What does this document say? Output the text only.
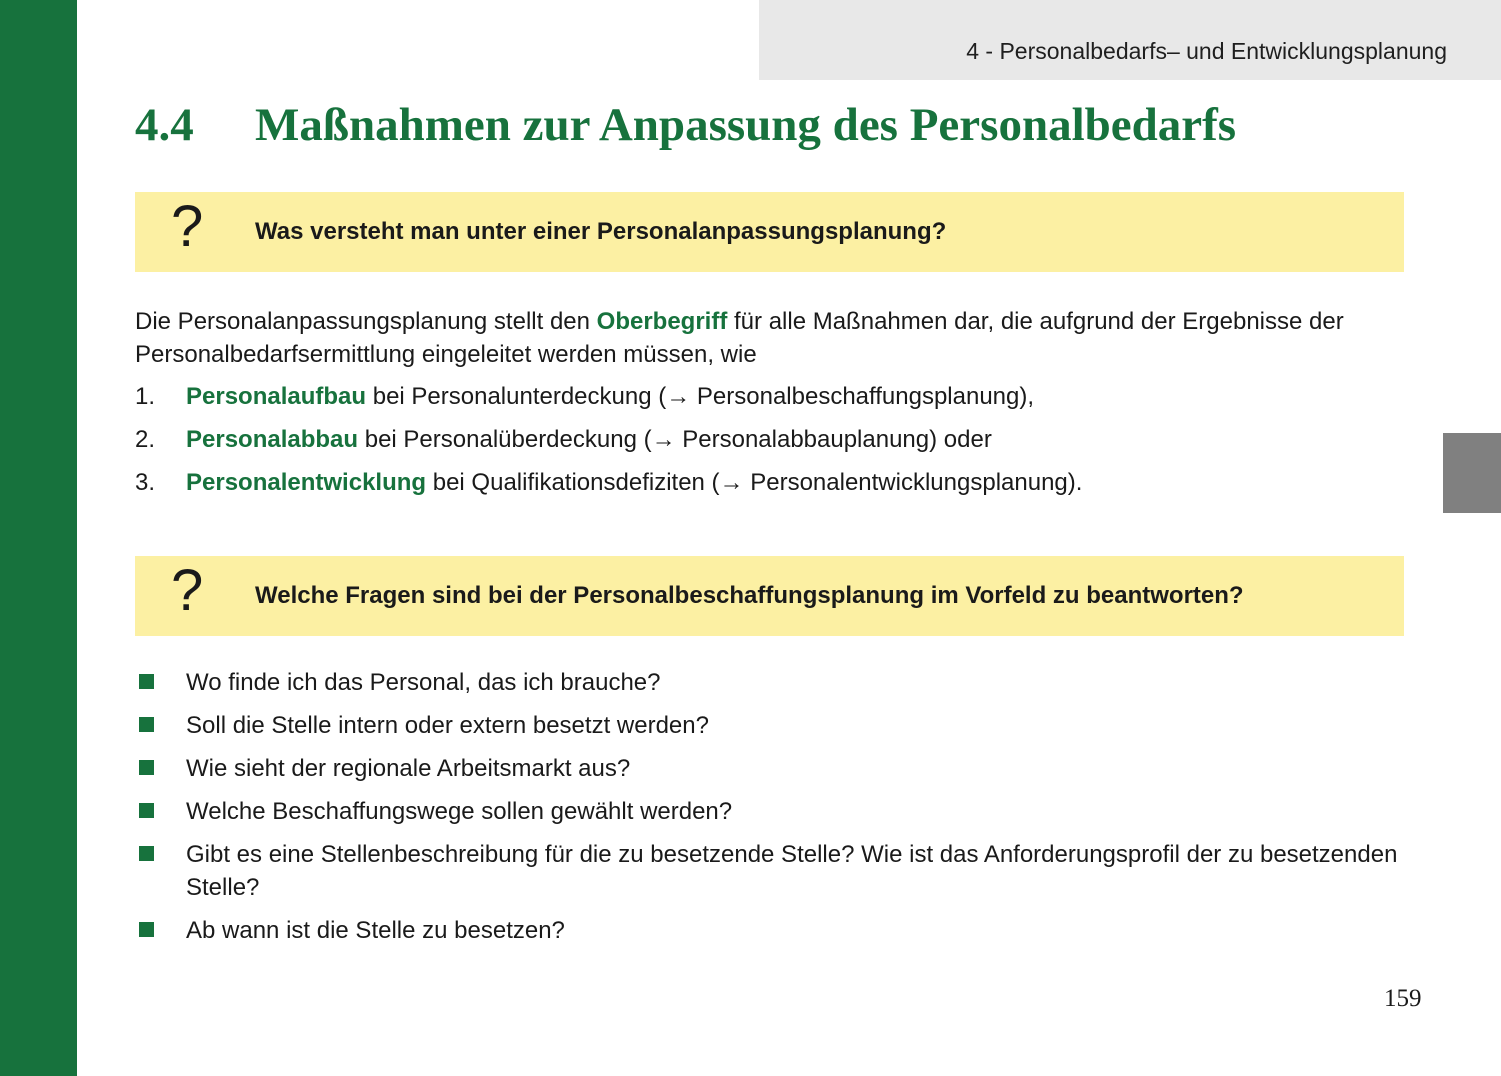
4 - Personalbedarfs– und Entwicklungsplanung
4.4 Maßnahmen zur Anpassung des Personalbedarfs
? Was versteht man unter einer Personalanpassungsplanung?
Die Personalanpassungsplanung stellt den Oberbegriff für alle Maßnahmen dar, die aufgrund der Ergebnisse der Personalbedarfsermittlung eingeleitet werden müssen, wie
1. Personalaufbau bei Personalunterdeckung (→ Personalbeschaffungsplanung),
2. Personalabbau bei Personalüberdeckung (→ Personalabbauplanung) oder
3. Personalentwicklung bei Qualifikationsdefiziten (→ Personalentwicklungsplanung).
? Welche Fragen sind bei der Personalbeschaffungsplanung im Vorfeld zu beantworten?
Wo finde ich das Personal, das ich brauche?
Soll die Stelle intern oder extern besetzt werden?
Wie sieht der regionale Arbeitsmarkt aus?
Welche Beschaffungswege sollen gewählt werden?
Gibt es eine Stellenbeschreibung für die zu besetzende Stelle? Wie ist das Anforderungsprofil der zu besetzenden Stelle?
Ab wann ist die Stelle zu besetzen?
159
